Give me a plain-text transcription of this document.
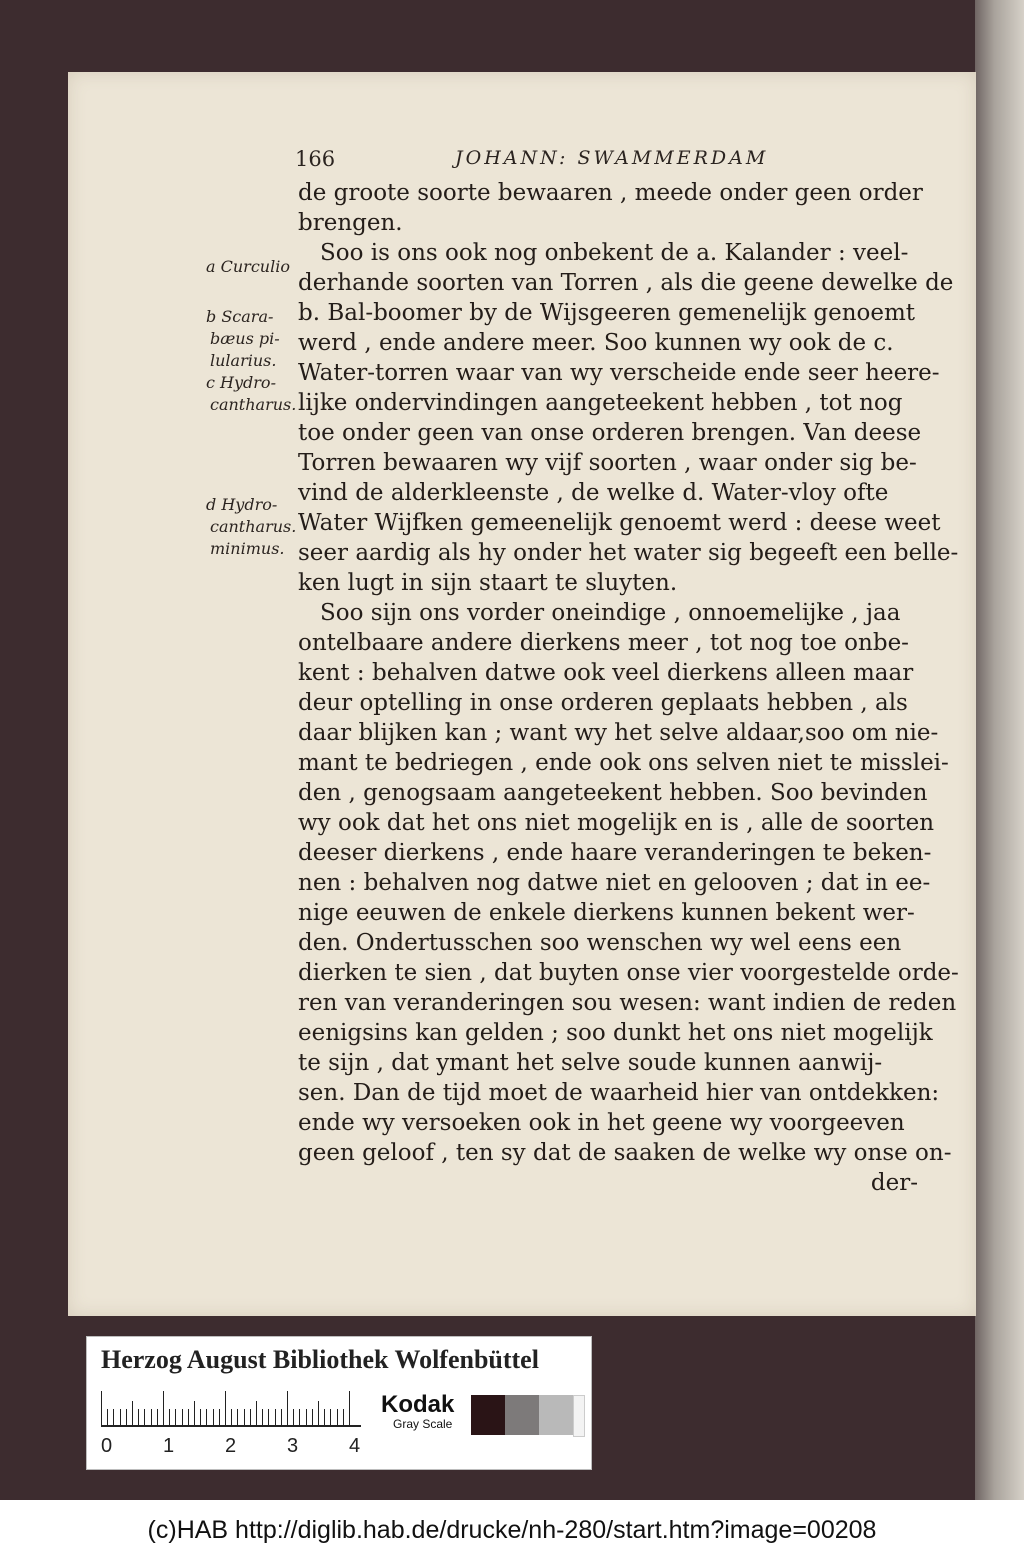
166	JOHANN: SWAMMERDAM
de groote soorte bewaaren , meede onder geen order
brengen.
Soo is ons ook nog onbekent de a. Kalander : veel-
derhande soorten van Torren , als die geene dewelke de
b. Bal-boomer by de Wijsgeeren gemenelijk genoemt
werd , ende andere meer. Soo kunnen wy ook de c.
Water-torren waar van wy verscheide ende seer heere-
lijke ondervindingen aangeteekent hebben , tot nog
toe onder geen van onse orderen brengen. Van deese
Torren bewaaren wy vijf soorten , waar onder sig be-
vind de alderkleenste , de welke d. Water-vloy ofte
Water Wijfken gemeenelijk genoemt werd : deese weet
seer aardig als hy onder het water sig begeeft een belle-
ken lugt in sijn staart te sluyten.
Soo sijn ons vorder oneindige , onnoemelijke , jaa
ontelbaare andere dierkens meer , tot nog toe onbe-
kent : behalven datwe ook veel dierkens alleen maar
deur optelling in onse orderen geplaats hebben , als
daar blijken kan ; want wy het selve aldaar,soo om nie-
mant te bedriegen , ende ook ons selven niet te misslei-
den , genogsaam aangeteekent hebben. Soo bevinden
wy ook dat het ons niet mogelijk en is , alle de soorten
deeser dierkens , ende haare veranderingen te beken-
nen : behalven nog datwe niet en gelooven ; dat in ee-
nige eeuwen de enkele dierkens kunnen bekent wer-
den. Ondertusschen soo wenschen wy wel eens een
dierken te sien , dat buyten onse vier voorgestelde orde-
ren van veranderingen sou wesen: want indien de reden
eenigsins kan gelden ; soo dunkt het ons niet mogelijk
te sijn , dat ymant het selve soude kunnen aanwij-
sen. Dan de tijd moet de waarheid hier van ontdekken:
ende wy versoeken ook in het geene wy voorgeeven
geen geloof , ten sy dat de saaken de welke wy onse on-
der-
a Curculio
b Scara-
bæus pi-
lularius.
c Hydro-
cantharus.
d Hydro-
cantharus.
minimus.
Herzog August Bibliothek Wolfenbüttel
0	1	2	3	4
Kodak
Gray Scale
(c)HAB http://diglib.hab.de/drucke/nh-280/start.htm?image=00208
